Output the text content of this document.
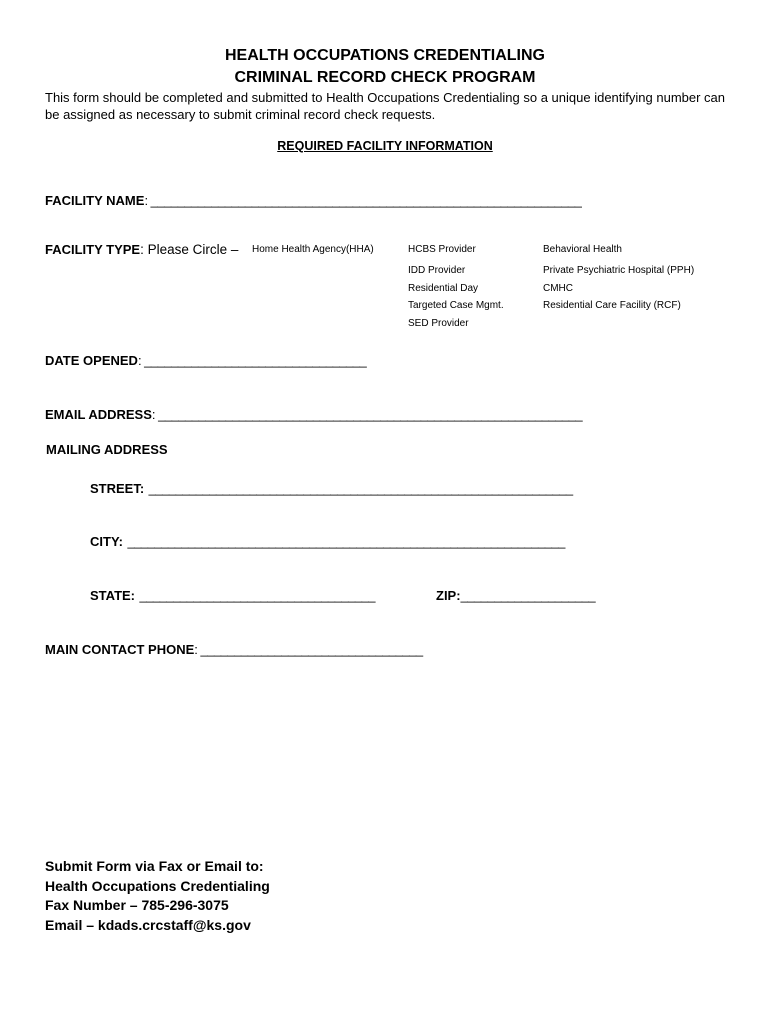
HEALTH OCCUPATIONS CREDENTIALING
CRIMINAL RECORD CHECK PROGRAM
This form should be completed and submitted to Health Occupations Credentialing so a unique identifying number can be assigned as necessary to submit criminal record check requests.
REQUIRED FACILITY INFORMATION
FACILITY NAME: ________________________________________________________________
FACILITY TYPE: Please Circle – Home Health Agency(HHA)	HCBS Provider
IDD Provider
Residential Day
Targeted Case Mgmt.
SED Provider
Behavioral Health
Private Psychiatric Hospital (PPH)
CMHC
Residential Care Facility (RCF)
DATE OPENED: _________________________________
EMAIL ADDRESS: _______________________________________________________________
MAILING ADDRESS
STREET: _______________________________________________________________
CITY: _________________________________________________________________
STATE: ___________________________________	ZIP:____________________
MAIN CONTACT PHONE: _________________________________
Submit Form via Fax or Email to:
Health Occupations Credentialing
Fax Number – 785-296-3075
Email – kdads.crcstaff@ks.gov
